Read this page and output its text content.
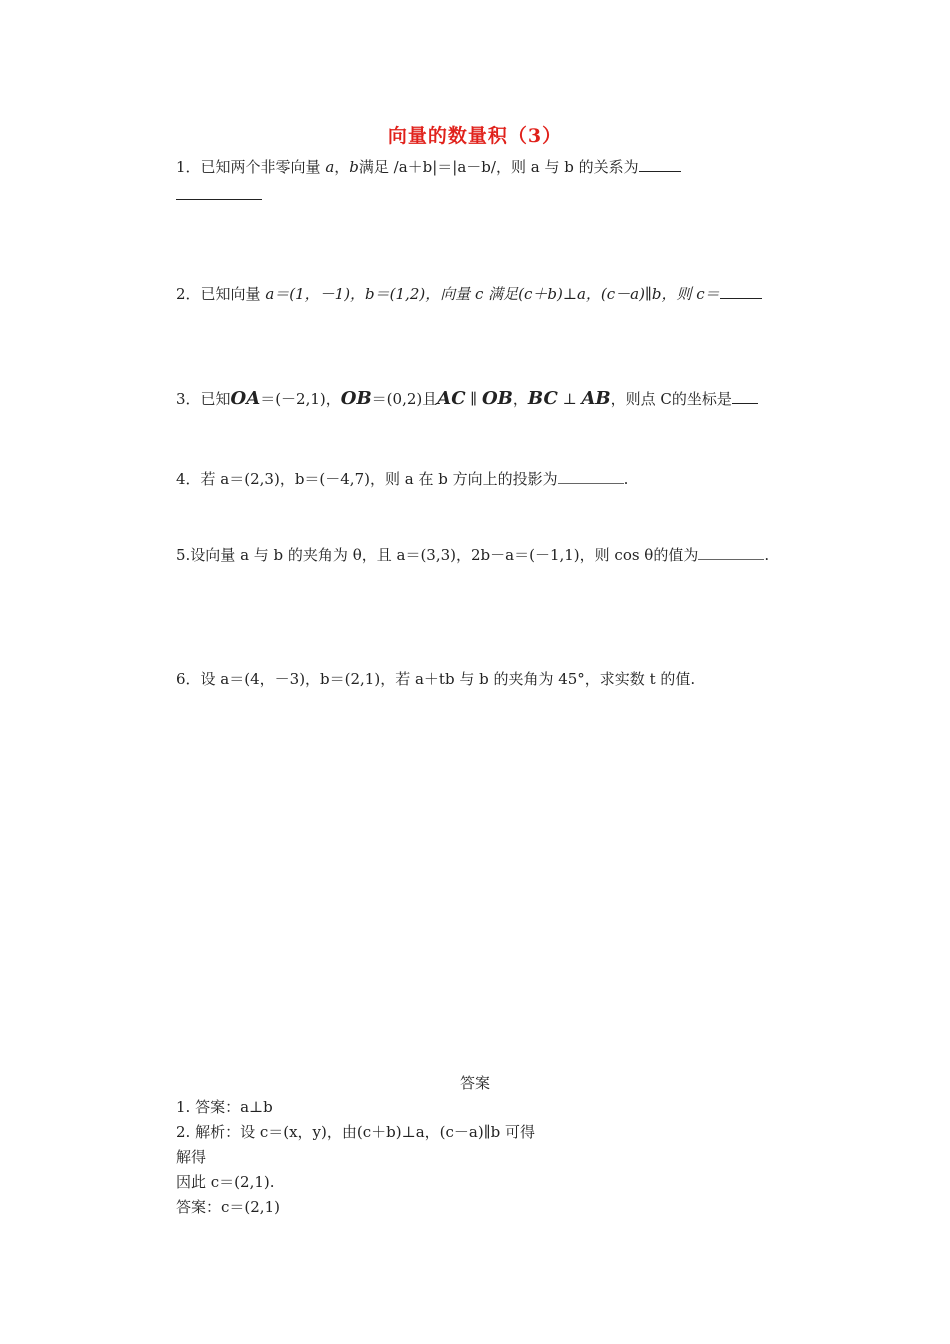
向量的数量积（3）
1．已知两个非零向量 a，b满足 /a＋b|＝|a－b/，则 a 与 b 的关系为
2．已知向量 a＝(1，－1)，b＝(1,2)，向量 c 满足(c＋b)⊥a，(c－a)∥b，则 c＝
3．已知OA＝(－2,1)，OB＝(0,2)且AC ∥ OB，BC ⊥ AB，则点 C的坐标是
4．若 a＝(2,3)，b＝(－4,7)，则 a 在 b 方向上的投影为	.
5.设向量 a 与 b 的夹角为 θ，且 a＝(3,3)，2b－a＝(－1,1)，则 cos θ的值为	.
6．设 a＝(4，－3)，b＝(2,1)，若 a＋tb 与 b 的夹角为 45°，求实数 t 的值.
答案
1. 答案：a⊥b
2. 解析：设 c＝(x，y)，由(c＋b)⊥a，(c－a)∥b 可得
解得
因此 c＝(2,1).
答案：c＝(2,1)
